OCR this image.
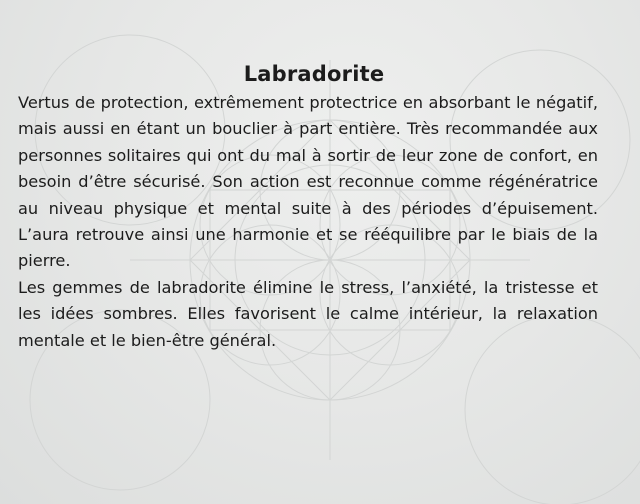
Labradorite

Vertus de protection, extrêmement protectrice en absorbant le négatif, mais aussi en étant un bouclier à part entière. Très recommandée aux personnes solitaires qui ont du mal à sortir de leur zone de confort, en besoin d’être sécurisé. Son action est reconnue comme régénératrice au niveau physique et mental suite à des périodes d’épuisement. L’aura retrouve ainsi une harmonie et se rééquilibre par le biais de la pierre.

Les gemmes de labradorite élimine le stress, l’anxiété, la tristesse et les idées sombres. Elles favorisent le calme intérieur, la relaxation mentale et le bien-être général.
